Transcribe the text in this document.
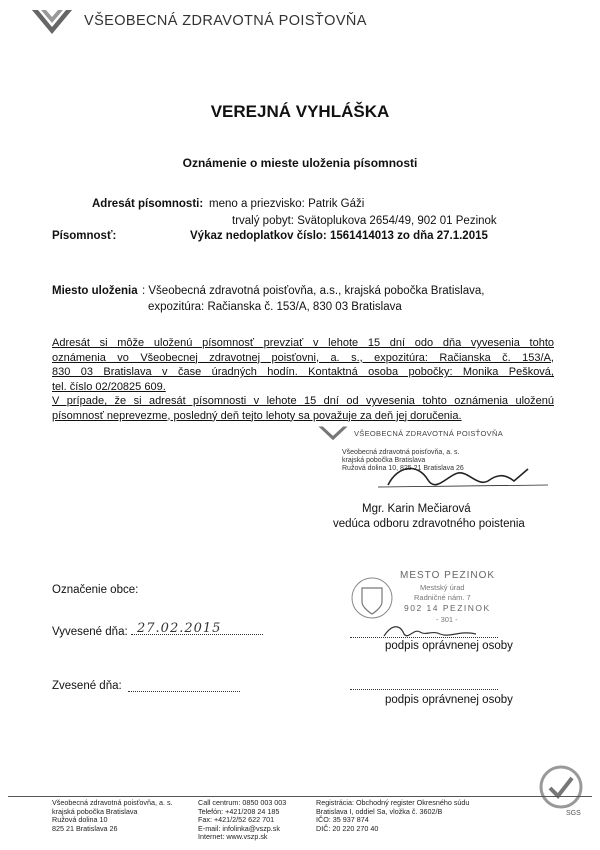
VŠEOBECNÁ ZDRAVOTNÁ POISŤOVŇA
VEREJNÁ VYHLÁŠKA
Oznámenie o mieste uloženia písomnosti
Adresát písomnosti: meno a priezvisko: Patrik Gáži
trvalý pobyt: Svätoplukova 2654/49, 902 01 Pezinok
Písomnosť:	Výkaz nedoplatkov číslo: 1561414013 zo dňa 27.1.2015
Miesto uloženia : Všeobecná zdravotná poisťovňa, a.s., krajská pobočka Bratislava,
expozitúra: Račianska č. 153/A, 830 03 Bratislava
Adresát si môže uloženú písomnosť prevziať v lehote 15 dní odo dňa vyvesenia tohto
oznámenia vo Všeobecnej zdravotnej poisťovni, a. s., expozitúra: Račianska č. 153/A,
830 03 Bratislava v čase úradných hodín. Kontaktná osoba pobočky: Monika Pešková,
tel. číslo 02/20825 609.
V prípade, že si adresát písomnosti v lehote 15 dní od vyvesenia tohto oznámenia uloženú
písomnosť neprevezme, posledný deň tejto lehoty sa považuje za deň jej doručenia.
VŠEOBECNÁ ZDRAVOTNÁ POISŤOVŇA
Všeobecná zdravotná poisťovňa, a. s.
krajská pobočka Bratislava
Ružová dolina 10, 825 21 Bratislava 26
Mgr. Karin Mečiarová
vedúca odboru zdravotného poistenia
Označenie obce:
MESTO PEZINOK
Mestský úrad
Radničné nám. 7
902 14 PEZINOK
- 301 -
Vyvesené dňa: 27.02.2015
podpis oprávnenej osoby
Zvesené dňa:
podpis oprávnenej osoby
SGS
Všeobecná zdravotná poisťovňa, a. s.
krajská pobočka Bratislava
Ružová dolina 10
825 21 Bratislava 26
Call centrum: 0850 003 003
Telefón: +421/208 24 185
Fax: +421/2/52 622 701
E-mail: infolinka@vszp.sk
Internet: www.vszp.sk
Registrácia: Obchodný register Okresného súdu
Bratislava I, oddiel Sa, vložka č. 3602/B
IČO: 35 937 874
DIČ: 20 220 270 40
